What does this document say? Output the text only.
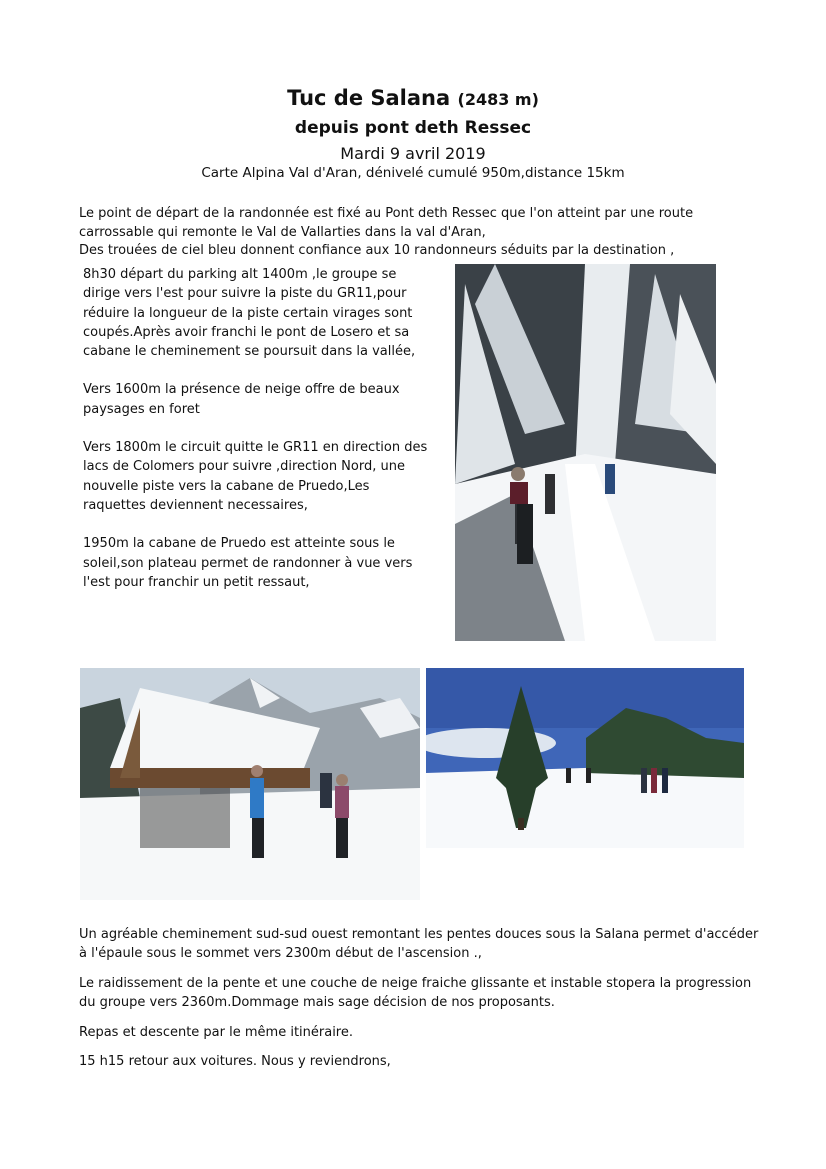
Tuc de Salana (2483 m)
depuis pont deth Ressec
Mardi 9 avril 2019
Carte Alpina Val d'Aran, dénivelé cumulé 950m,distance 15km

Le point de départ de la randonnée est fixé au Pont deth Ressec que l'on atteint par une route carrossable qui remonte le Val de Vallarties dans la val d'Aran,

Des trouées de ciel bleu donnent confiance aux 10 randonneurs séduits par la destination ,

8h30 départ du parking alt 1400m ,le groupe se dirige vers l'est pour suivre la piste du GR11,pour réduire la longueur de la piste certain virages sont coupés.Après avoir franchi le pont de Losero et sa cabane le cheminement se poursuit dans la vallée,

Vers 1600m la présence de neige offre de beaux paysages en foret

Vers 1800m le circuit quitte le GR11 en direction des lacs de Colomers pour suivre ,direction Nord, une nouvelle piste vers la cabane de Pruedo,Les raquettes deviennent necessaires,

1950m la cabane de Pruedo est atteinte sous le soleil,son plateau permet de randonner à vue vers l'est pour franchir un petit ressaut,

Un agréable cheminement sud-sud ouest remontant les pentes douces sous la Salana permet d'accéder à l'épaule sous le sommet vers 2300m début de l'ascension .,

Le raidissement de la pente et une couche de neige fraiche glissante et instable stopera la progression du groupe vers 2360m.Dommage mais sage décision de nos proposants.

Repas et descente par le même itinéraire.

15 h15 retour aux voitures. Nous y reviendrons,
